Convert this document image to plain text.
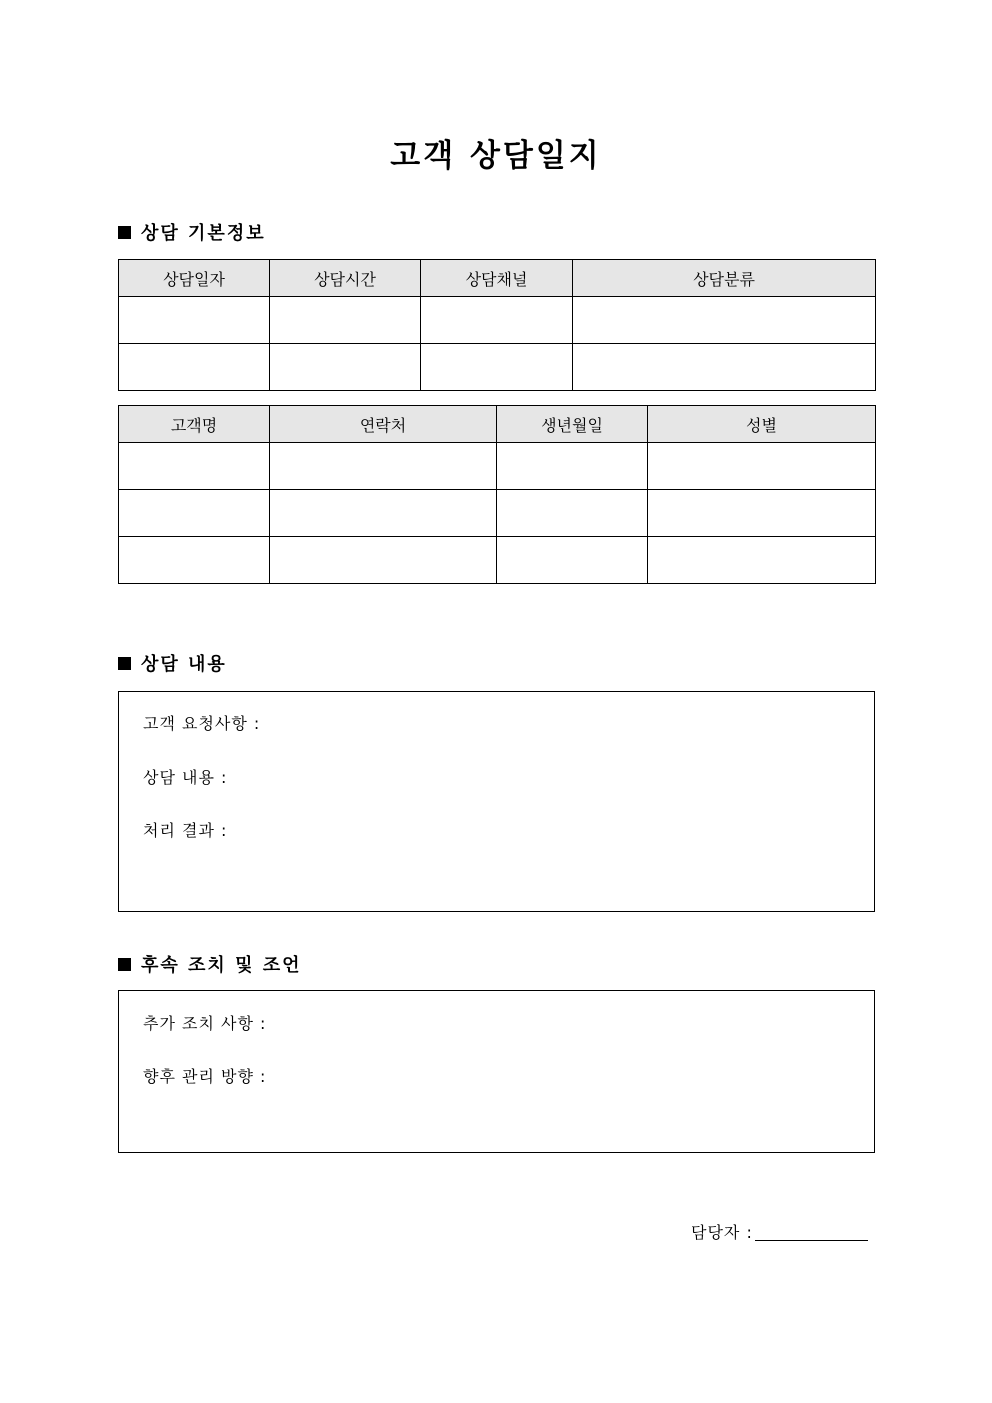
고객 상담일지
상담 기본정보
상담일자	상담시간	상담채널	상담분류

고객명	연락처	생년월일	성별

상담 내용
고객 요청사항 :
상담 내용 :
처리 결과 :
후속 조치 및 조언
추가 조치 사항 :
향후 관리 방향 :
담당자 :
